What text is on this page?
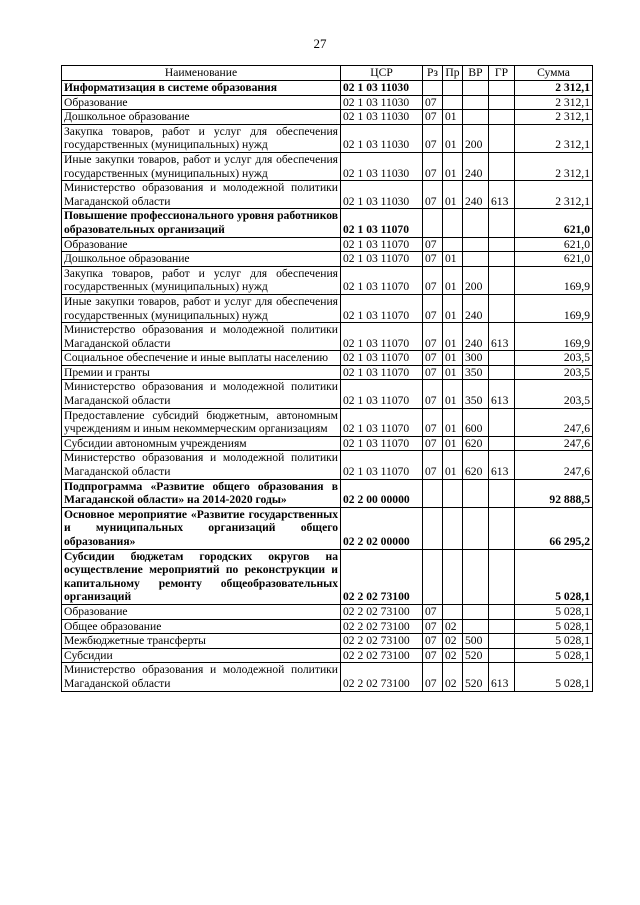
27
Наименование	ЦСР	Рз	Пр	ВР	ГР	Сумма
Информатизация в системе образования	02 1 03 11030					2 312,1
Образование	02 1 03 11030	07				2 312,1
Дошкольное образование	02 1 03 11030	07	01			2 312,1
Закупка товаров, работ и услуг для обеспечения государственных (муниципальных) нужд	02 1 03 11030	07	01	200		2 312,1
Иные закупки товаров, работ и услуг для обеспечения государственных (муниципальных) нужд	02 1 03 11030	07	01	240		2 312,1
Министерство образования и молодежной политики Магаданской области	02 1 03 11030	07	01	240	613	2 312,1
Повышение профессионального уровня работников образовательных организаций	02 1 03 11070					621,0
Образование	02 1 03 11070	07				621,0
Дошкольное образование	02 1 03 11070	07	01			621,0
Закупка товаров, работ и услуг для обеспечения государственных (муниципальных) нужд	02 1 03 11070	07	01	200		169,9
Иные закупки товаров, работ и услуг для обеспечения государственных (муниципальных) нужд	02 1 03 11070	07	01	240		169,9
Министерство образования и молодежной политики Магаданской области	02 1 03 11070	07	01	240	613	169,9
Социальное обеспечение и иные выплаты населению	02 1 03 11070	07	01	300		203,5
Премии и гранты	02 1 03 11070	07	01	350		203,5
Министерство образования и молодежной политики Магаданской области	02 1 03 11070	07	01	350	613	203,5
Предоставление субсидий бюджетным, автономным учреждениям и иным некоммерческим организациям	02 1 03 11070	07	01	600		247,6
Субсидии автономным учреждениям	02 1 03 11070	07	01	620		247,6
Министерство образования и молодежной политики Магаданской области	02 1 03 11070	07	01	620	613	247,6
Подпрограмма «Развитие общего образования в Магаданской области» на 2014-2020 годы»	02 2 00 00000					92 888,5
Основное мероприятие «Развитие государственных и муниципальных организаций общего образования»	02 2 02 00000					66 295,2
Субсидии бюджетам городских округов на осуществление мероприятий по реконструкции и капитальному ремонту общеобразовательных организаций	02 2 02 73100					5 028,1
Образование	02 2 02 73100	07				5 028,1
Общее образование	02 2 02 73100	07	02			5 028,1
Межбюджетные трансферты	02 2 02 73100	07	02	500		5 028,1
Субсидии	02 2 02 73100	07	02	520		5 028,1
Министерство образования и молодежной политики Магаданской области	02 2 02 73100	07	02	520	613	5 028,1
